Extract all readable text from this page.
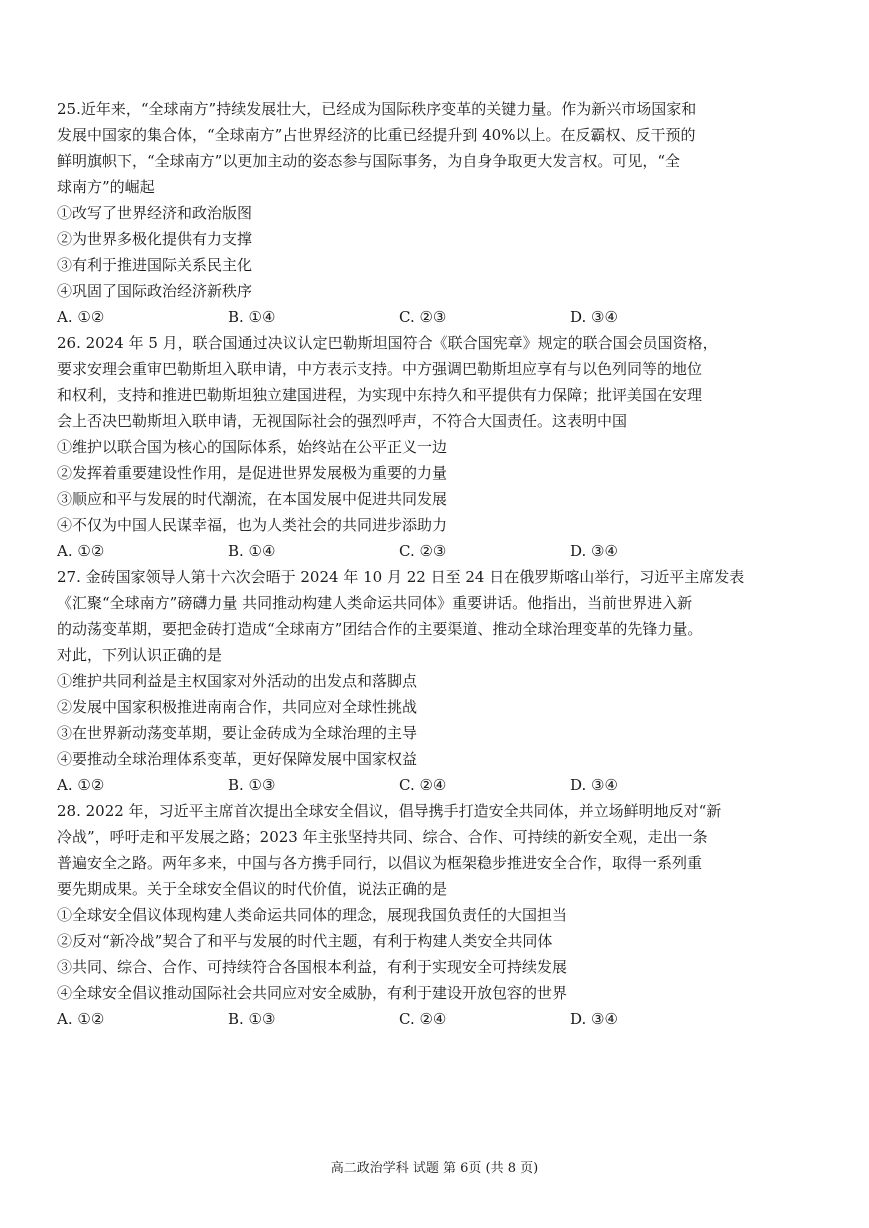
25.近年来，“全球南方”持续发展壮大，已经成为国际秩序变革的关键力量。作为新兴市场国家和

发展中国家的集合体，“全球南方”占世界经济的比重已经提升到 40%以上。在反霸权、反干预的

鲜明旗帜下，“全球南方”以更加主动的姿态参与国际事务，为自身争取更大发言权。可见，“全

球南方”的崛起

①改写了世界经济和政治版图

②为世界多极化提供有力支撑

③有利于推进国际关系民主化

④巩固了国际政治经济新秩序

A. ①②	B. ①④	C. ②③	D. ③④

26. 2024 年 5 月，联合国通过决议认定巴勒斯坦国符合《联合国宪章》规定的联合国会员国资格，

要求安理会重审巴勒斯坦入联申请，中方表示支持。中方强调巴勒斯坦应享有与以色列同等的地位

和权利，支持和推进巴勒斯坦独立建国进程，为实现中东持久和平提供有力保障；批评美国在安理

会上否决巴勒斯坦入联申请，无视国际社会的强烈呼声，不符合大国责任。这表明中国

①维护以联合国为核心的国际体系，始终站在公平正义一边

②发挥着重要建设性作用，是促进世界发展极为重要的力量

③顺应和平与发展的时代潮流，在本国发展中促进共同发展

④不仅为中国人民谋幸福，也为人类社会的共同进步添助力

A. ①②	B. ①④	C. ②③	D. ③④

27. 金砖国家领导人第十六次会晤于 2024 年 10 月 22 日至 24 日在俄罗斯喀山举行，习近平主席发表

《汇聚“全球南方”磅礴力量 共同推动构建人类命运共同体》重要讲话。他指出，当前世界进入新

的动荡变革期，要把金砖打造成“全球南方”团结合作的主要渠道、推动全球治理变革的先锋力量。

对此，下列认识正确的是

①维护共同利益是主权国家对外活动的出发点和落脚点

②发展中国家积极推进南南合作，共同应对全球性挑战

③在世界新动荡变革期，要让金砖成为全球治理的主导

④要推动全球治理体系变革，更好保障发展中国家权益

A. ①②	B. ①③	C. ②④	D. ③④

28. 2022 年，习近平主席首次提出全球安全倡议，倡导携手打造安全共同体，并立场鲜明地反对“新

冷战”，呼吁走和平发展之路；2023 年主张坚持共同、综合、合作、可持续的新安全观，走出一条

普遍安全之路。两年多来，中国与各方携手同行，以倡议为框架稳步推进安全合作，取得一系列重

要先期成果。关于全球安全倡议的时代价值，说法正确的是

①全球安全倡议体现构建人类命运共同体的理念，展现我国负责任的大国担当

②反对“新冷战”契合了和平与发展的时代主题，有利于构建人类安全共同体

③共同、综合、合作、可持续符合各国根本利益，有利于实现安全可持续发展

④全球安全倡议推动国际社会共同应对安全威胁，有利于建设开放包容的世界

A. ①②	B. ①③	C. ②④	D. ③④
高二政治学科 试题 第 6页 (共 8 页)
